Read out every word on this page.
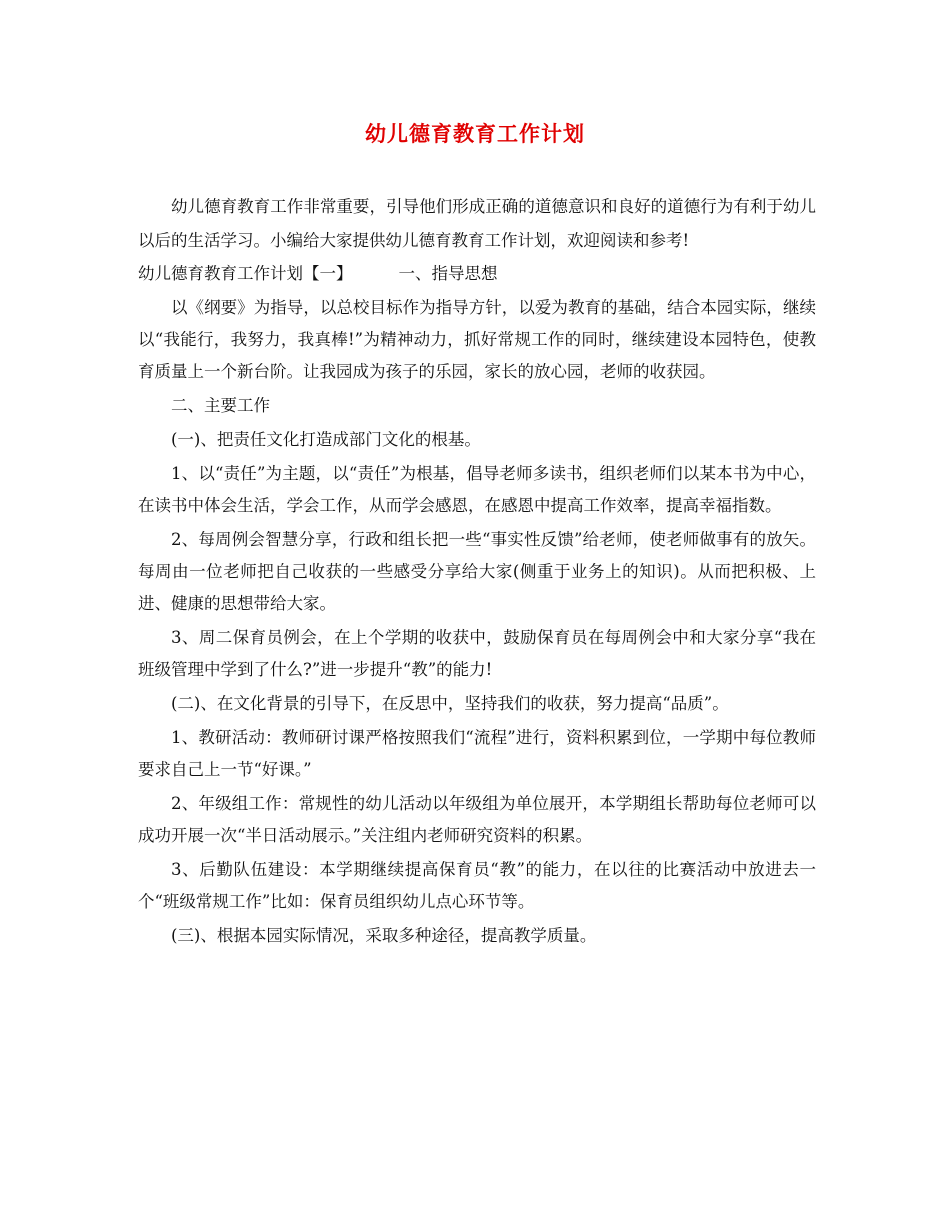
幼儿德育教育工作计划

幼儿德育教育工作非常重要，引导他们形成正确的道德意识和良好的道德行为有利于幼儿以后的生活学习。小编给大家提供幼儿德育教育工作计划，欢迎阅读和参考!

幼儿德育教育工作计划【一】	一、指导思想

以《纲要》为指导，以总校目标作为指导方针，以爱为教育的基础，结合本园实际，继续以“我能行，我努力，我真棒!”为精神动力，抓好常规工作的同时，继续建设本园特色，使教育质量上一个新台阶。让我园成为孩子的乐园，家长的放心园，老师的收获园。

二、主要工作

(一)、把责任文化打造成部门文化的根基。

1、以“责任”为主题，以“责任”为根基，倡导老师多读书，组织老师们以某本书为中心，在读书中体会生活，学会工作，从而学会感恩，在感恩中提高工作效率，提高幸福指数。

2、每周例会智慧分享，行政和组长把一些“事实性反馈”给老师，使老师做事有的放矢。每周由一位老师把自己收获的一些感受分享给大家(侧重于业务上的知识)。从而把积极、上进、健康的思想带给大家。

3、周二保育员例会，在上个学期的收获中，鼓励保育员在每周例会中和大家分享“我在班级管理中学到了什么?”进一步提升“教”的能力!

(二)、在文化背景的引导下，在反思中，坚持我们的收获，努力提高“品质”。

1、教研活动：教师研讨课严格按照我们“流程”进行，资料积累到位，一学期中每位教师要求自己上一节“好课。”

2、年级组工作：常规性的幼儿活动以年级组为单位展开，本学期组长帮助每位老师可以成功开展一次“半日活动展示。”关注组内老师研究资料的积累。

3、后勤队伍建设：本学期继续提高保育员“教”的能力，在以往的比赛活动中放进去一个“班级常规工作”比如：保育员组织幼儿点心环节等。

(三)、根据本园实际情况，采取多种途径，提高教学质量。
